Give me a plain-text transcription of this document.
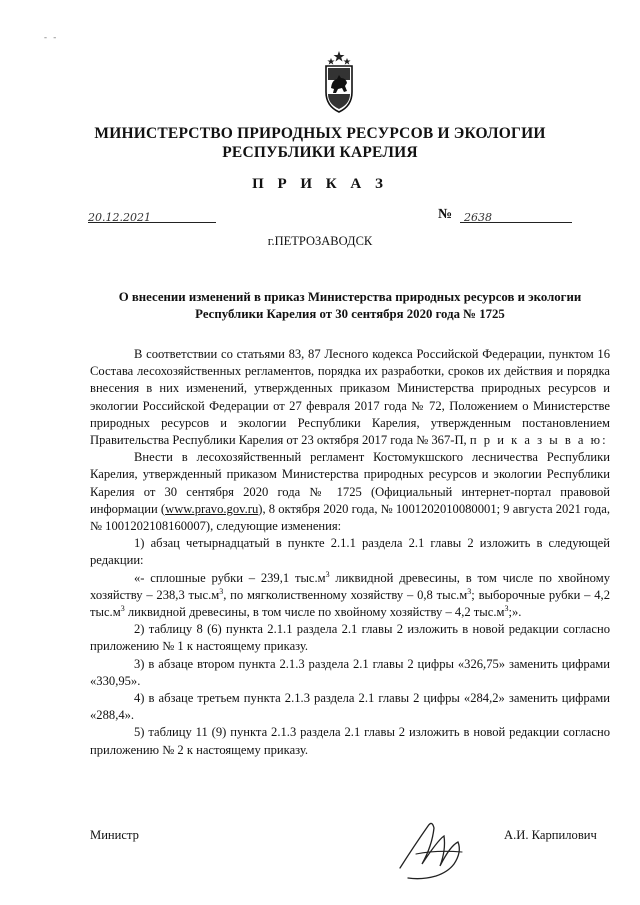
- -
МИНИСТЕРСТВО ПРИРОДНЫХ РЕСУРСОВ И ЭКОЛОГИИ
РЕСПУБЛИКИ КАРЕЛИЯ
П Р И К А З
20.12.2021	№	2638
г.ПЕТРОЗАВОДСК
О внесении изменений в приказ Министерства природных ресурсов и экологии
Республики Карелия от 30 сентября 2020 года № 1725

В соответствии со статьями 83, 87 Лесного кодекса Российской Федерации, пунктом 16 Состава лесохозяйственных регламентов, порядка их разработки, сроков их действия и порядка внесения в них изменений, утвержденных приказом Министерства природных ресурсов и экологии Российской Федерации от 27 февраля 2017 года № 72, Положением о Министерстве природных ресурсов и экологии Республики Карелия, утвержденным постановлением Правительства Республики Карелия от 23 октября 2017 года № 367-П, п р и к а з ы в а ю:

Внести в лесохозяйственный регламент Костомукшского лесничества Республики Карелия, утвержденный приказом Министерства природных ресурсов и экологии Республики Карелия от 30 сентября 2020 года № 1725 (Официальный интернет-портал правовой информации (www.pravo.gov.ru), 8 октября 2020 года, № 1001202010080001; 9 августа 2021 года, № 1001202108160007), следующие изменения:

1) абзац четырнадцатый в пункте 2.1.1 раздела 2.1 главы 2 изложить в следующей редакции:

«- сплошные рубки – 239,1 $тыс.м^3$ ликвидной древесины, в том числе по хвойному хозяйству – 238,3 $тыс.м^3$, по мягколиственному хозяйству – 0,8 $тыс.м^3$; выборочные рубки – 4,2 $тыс.м^3$ ликвидной древесины, в том числе по хвойному хозяйству – 4,2 $тыс.м^3$;».

2) таблицу 8 (6) пункта 2.1.1 раздела 2.1 главы 2 изложить в новой редакции согласно приложению № 1 к настоящему приказу.

3) в абзаце втором пункта 2.1.3 раздела 2.1 главы 2 цифры «326,75» заменить цифрами «330,95».

4) в абзаце третьем пункта 2.1.3 раздела 2.1 главы 2 цифры «284,2» заменить цифрами «288,4».

5) таблицу 11 (9) пункта 2.1.3 раздела 2.1 главы 2 изложить в новой редакции согласно приложению № 2 к настоящему приказу.

Министр	А.И. Карпилович
